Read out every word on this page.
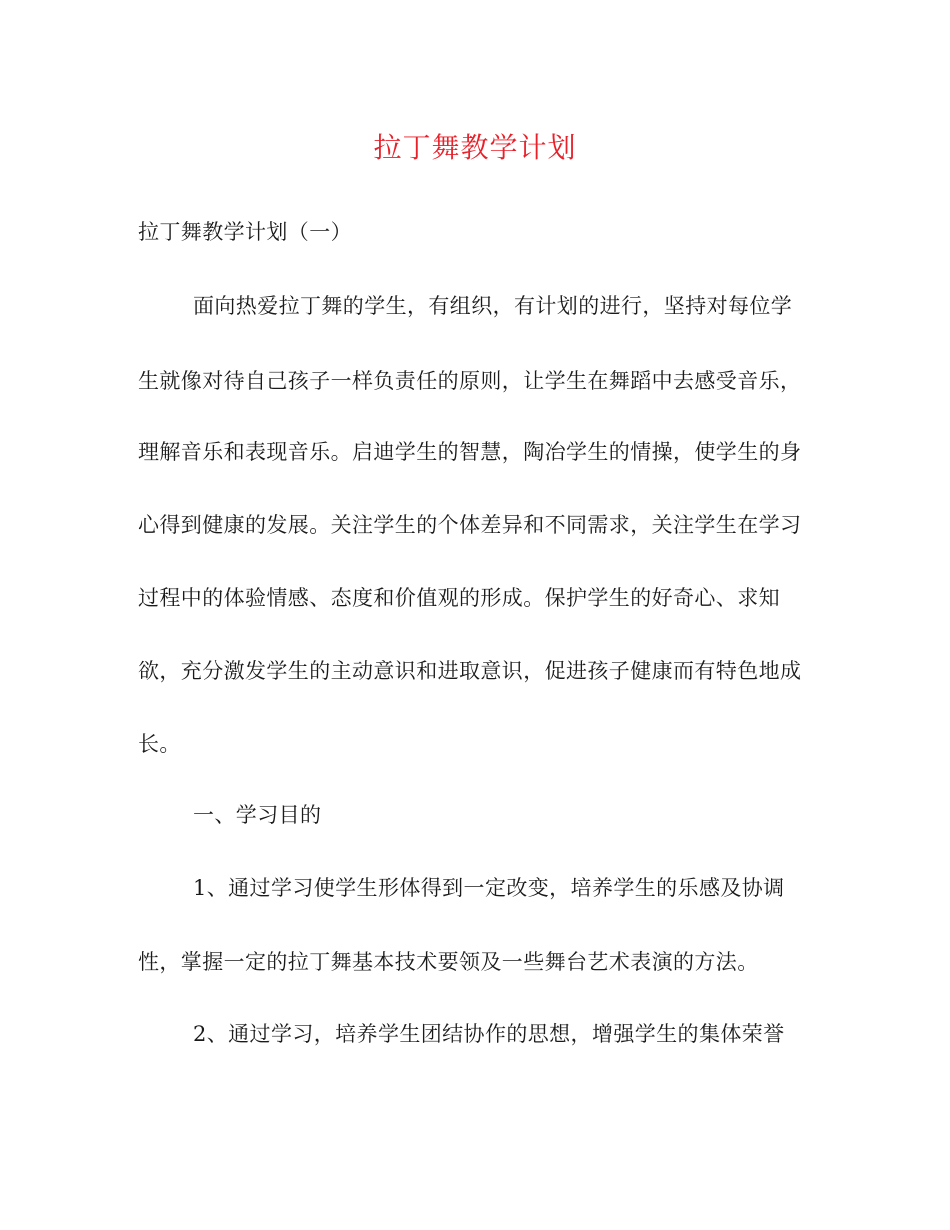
拉丁舞教学计划
拉丁舞教学计划（一）
面向热爱拉丁舞的学生，有组织，有计划的进行，坚持对每位学
生就像对待自己孩子一样负责任的原则，让学生在舞蹈中去感受音乐，
理解音乐和表现音乐。启迪学生的智慧，陶冶学生的情操，使学生的身
心得到健康的发展。关注学生的个体差异和不同需求，关注学生在学习
过程中的体验情感、态度和价值观的形成。保护学生的好奇心、求知
欲，充分激发学生的主动意识和进取意识，促进孩子健康而有特色地成
长。
一、学习目的
1、通过学习使学生形体得到一定改变，培养学生的乐感及协调
性，掌握一定的拉丁舞基本技术要领及一些舞台艺术表演的方法。
2、通过学习，培养学生团结协作的思想，增强学生的集体荣誉
